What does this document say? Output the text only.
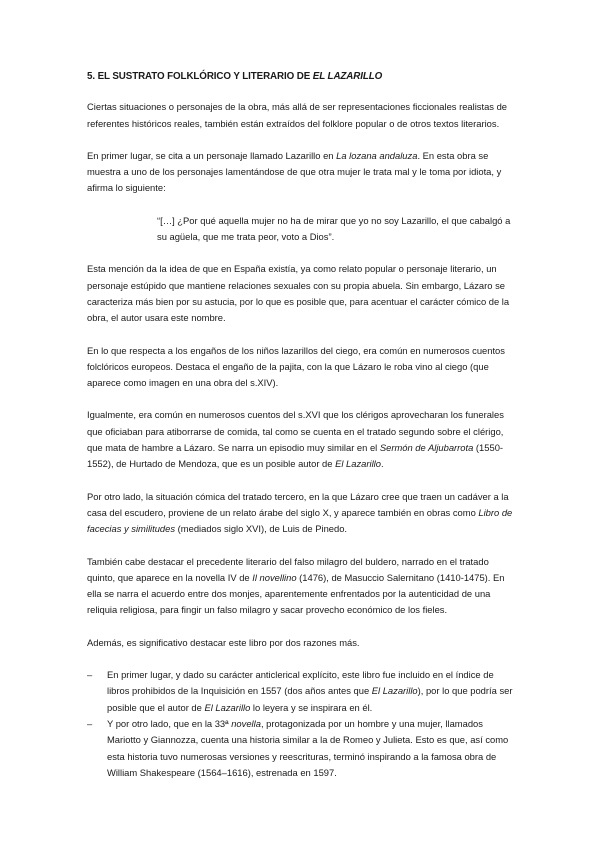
5. EL SUSTRATO FOLKLÓRICO Y LITERARIO DE EL LAZARILLO

Ciertas situaciones o personajes de la obra, más allá de ser representaciones ficcionales realistas de referentes históricos reales, también están extraídos del folklore popular o de otros textos literarios.

En primer lugar, se cita a un personaje llamado Lazarillo en La lozana andaluza. En esta obra se muestra a uno de los personajes lamentándose de que otra mujer le trata mal y le toma por idiota, y afirma lo siguiente:

“[…] ¿Por qué aquella mujer no ha de mirar que yo no soy Lazarillo, el que cabalgó a su agüela, que me trata peor, voto a Dios”.

Esta mención da la idea de que en España existía, ya como relato popular o personaje literario, un personaje estúpido que mantiene relaciones sexuales con su propia abuela. Sin embargo, Lázaro se caracteriza más bien por su astucia, por lo que es posible que, para acentuar el carácter cómico de la obra, el autor usara este nombre.

En lo que respecta a los engaños de los niños lazarillos del ciego, era común en numerosos cuentos folclóricos europeos. Destaca el engaño de la pajita, con la que Lázaro le roba vino al ciego (que aparece como imagen en una obra del s.XIV).

Igualmente, era común en numerosos cuentos del s.XVI que los clérigos aprovecharan los funerales que oficiaban para atiborrarse de comida, tal como se cuenta en el tratado segundo sobre el clérigo, que mata de hambre a Lázaro. Se narra un episodio muy similar en el Sermón de Aljubarrota (1550-1552), de Hurtado de Mendoza, que es un posible autor de El Lazarillo.

Por otro lado, la situación cómica del tratado tercero, en la que Lázaro cree que traen un cadáver a la casa del escudero, proviene de un relato árabe del siglo X, y aparece también en obras como Libro de facecias y similitudes (mediados siglo XVI), de Luis de Pinedo.

También cabe destacar el precedente literario del falso milagro del buldero, narrado en el tratado quinto, que aparece en la novella IV de Il novellino (1476), de Masuccio Salernitano (1410-1475). En ella se narra el acuerdo entre dos monjes, aparentemente enfrentados por la autenticidad de una reliquia religiosa, para fingir un falso milagro y sacar provecho económico de los fieles.

Además, es significativo destacar este libro por dos razones más.

– En primer lugar, y dado su carácter anticlerical explícito, este libro fue incluido en el índice de libros prohibidos de la Inquisición en 1557 (dos años antes que El Lazarillo), por lo que podría ser posible que el autor de El Lazarillo lo leyera y se inspirara en él.
– Y por otro lado, que en la 33ª novella, protagonizada por un hombre y una mujer, llamados Mariotto y Giannozza, cuenta una historia similar a la de Romeo y Julieta. Esto es que, así como esta historia tuvo numerosas versiones y reescrituras, terminó inspirando a la famosa obra de William Shakespeare (1564–1616), estrenada en 1597.
